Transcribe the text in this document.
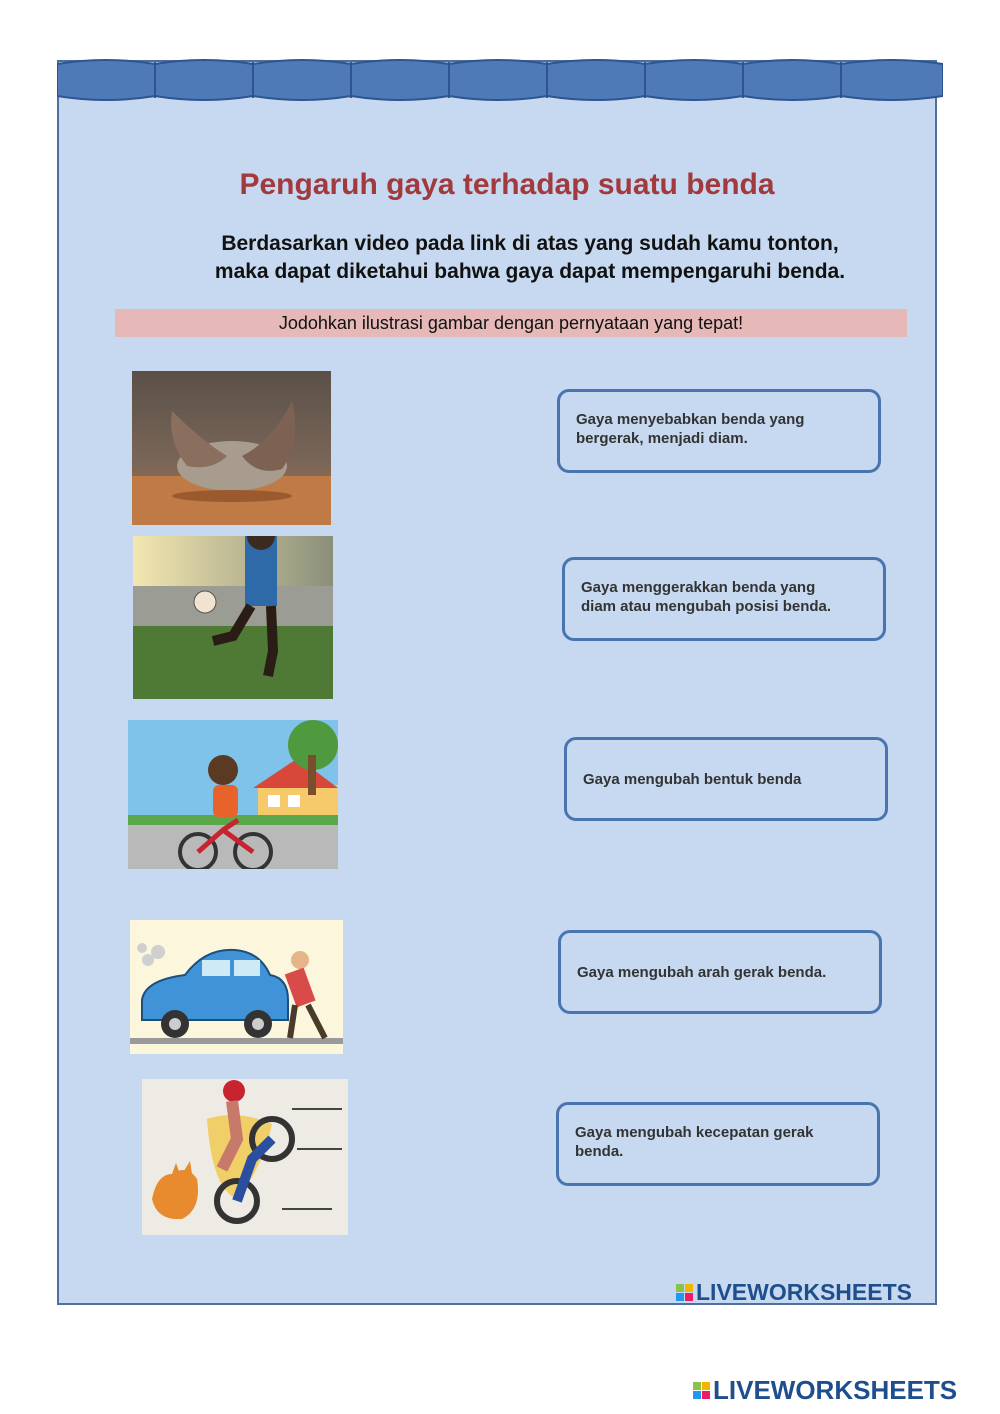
Pengaruh gaya terhadap suatu benda
Berdasarkan video pada link di atas yang sudah kamu tonton,
maka dapat diketahui bahwa gaya dapat mempengaruhi benda.
Jodohkan ilustrasi gambar dengan pernyataan yang tepat!
Gaya menyebabkan benda yang
bergerak, menjadi diam.
Gaya menggerakkan benda yang
diam atau mengubah posisi benda.
Gaya mengubah bentuk benda
Gaya mengubah arah gerak benda.
Gaya mengubah kecepatan gerak
benda.
LIVEWORKSHEETS
LIVEWORKSHEETS
